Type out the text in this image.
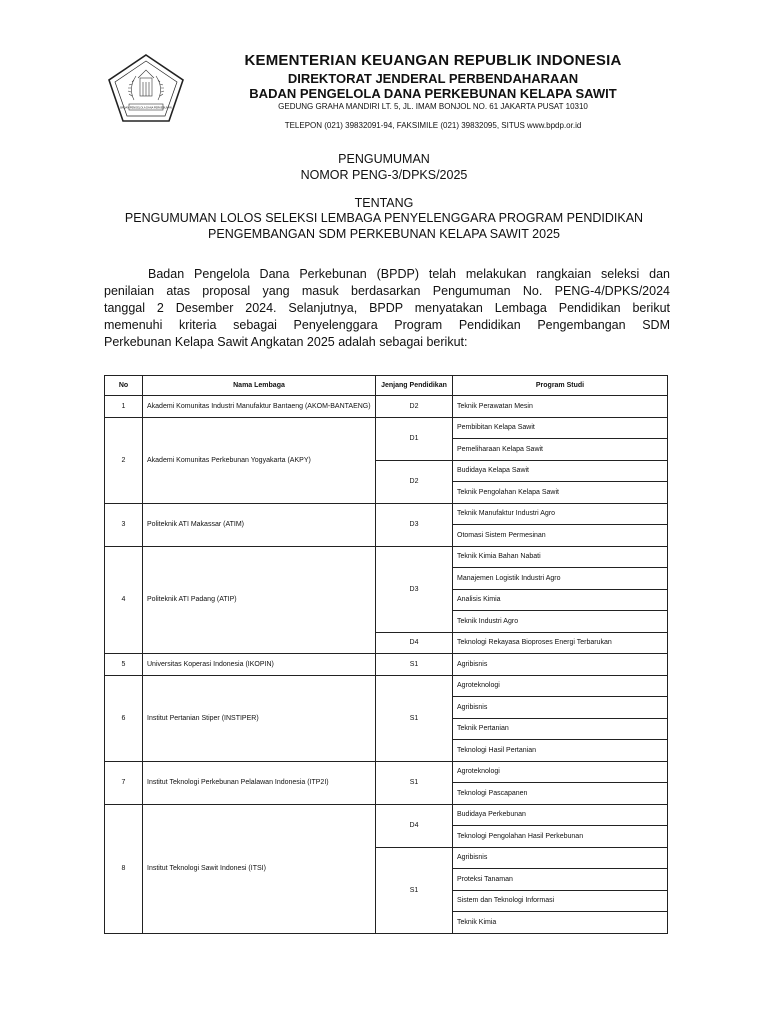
BADAN PENGELOLA DANA PERKEBUNAN
KEMENTERIAN KEUANGAN REPUBLIK INDONESIA
DIREKTORAT JENDERAL PERBENDAHARAAN
BADAN PENGELOLA DANA PERKEBUNAN KELAPA SAWIT
GEDUNG GRAHA MANDIRI LT. 5, JL. IMAM BONJOL NO. 61 JAKARTA PUSAT 10310
TELEPON (021) 39832091-94, FAKSIMILE (021) 39832095, SITUS www.bpdp.or.id
PENGUMUMAN
NOMOR PENG-3/DPKS/2025
TENTANG
PENGUMUMAN LOLOS SELEKSI LEMBAGA PENYELENGGARA PROGRAM PENDIDIKAN
PENGEMBANGAN SDM PERKEBUNAN KELAPA SAWIT 2025
Badan Pengelola Dana Perkebunan (BPDP) telah melakukan rangkaian seleksi dan
penilaian atas proposal yang masuk berdasarkan Pengumuman No. PENG-4/DPKS/2024
tanggal 2 Desember 2024. Selanjutnya, BPDP menyatakan Lembaga Pendidikan berikut
memenuhi kriteria sebagai Penyelenggara Program Pendidikan Pengembangan SDM
Perkebunan Kelapa Sawit Angkatan 2025 adalah sebagai berikut:
No	Nama Lembaga	Jenjang Pendidikan	Program Studi
1	Akademi Komunitas Industri Manufaktur Bantaeng (AKOM-BANTAENG)	D2	Teknik Perawatan Mesin
2	Akademi Komunitas Perkebunan Yogyakarta (AKPY)	D1	Pembibitan Kelapa Sawit
			Pemeliharaan Kelapa Sawit
		D2	Budidaya Kelapa Sawit
			Teknik Pengolahan Kelapa Sawit
3	Politeknik ATI Makassar (ATIM)	D3	Teknik Manufaktur Industri Agro
			Otomasi Sistem Permesinan
4	Politeknik ATI Padang (ATIP)	D3	Teknik Kimia Bahan Nabati
			Manajemen Logistik Industri Agro
			Analisis Kimia
			Teknik Industri Agro
		D4	Teknologi Rekayasa Bioproses Energi Terbarukan
5	Universitas Koperasi Indonesia (IKOPIN)	S1	Agribisnis
6	Institut Pertanian Stiper (INSTIPER)	S1	Agroteknologi
			Agribisnis
			Teknik Pertanian
			Teknologi Hasil Pertanian
7	Institut Teknologi Perkebunan Pelalawan Indonesia (ITP2I)	S1	Agroteknologi
			Teknologi Pascapanen
8	Institut Teknologi Sawit Indonesi (ITSI)	D4	Budidaya Perkebunan
			Teknologi Pengolahan Hasil Perkebunan
		S1	Agribisnis
			Proteksi Tanaman
			Sistem dan Teknologi Informasi
			Teknik Kimia
